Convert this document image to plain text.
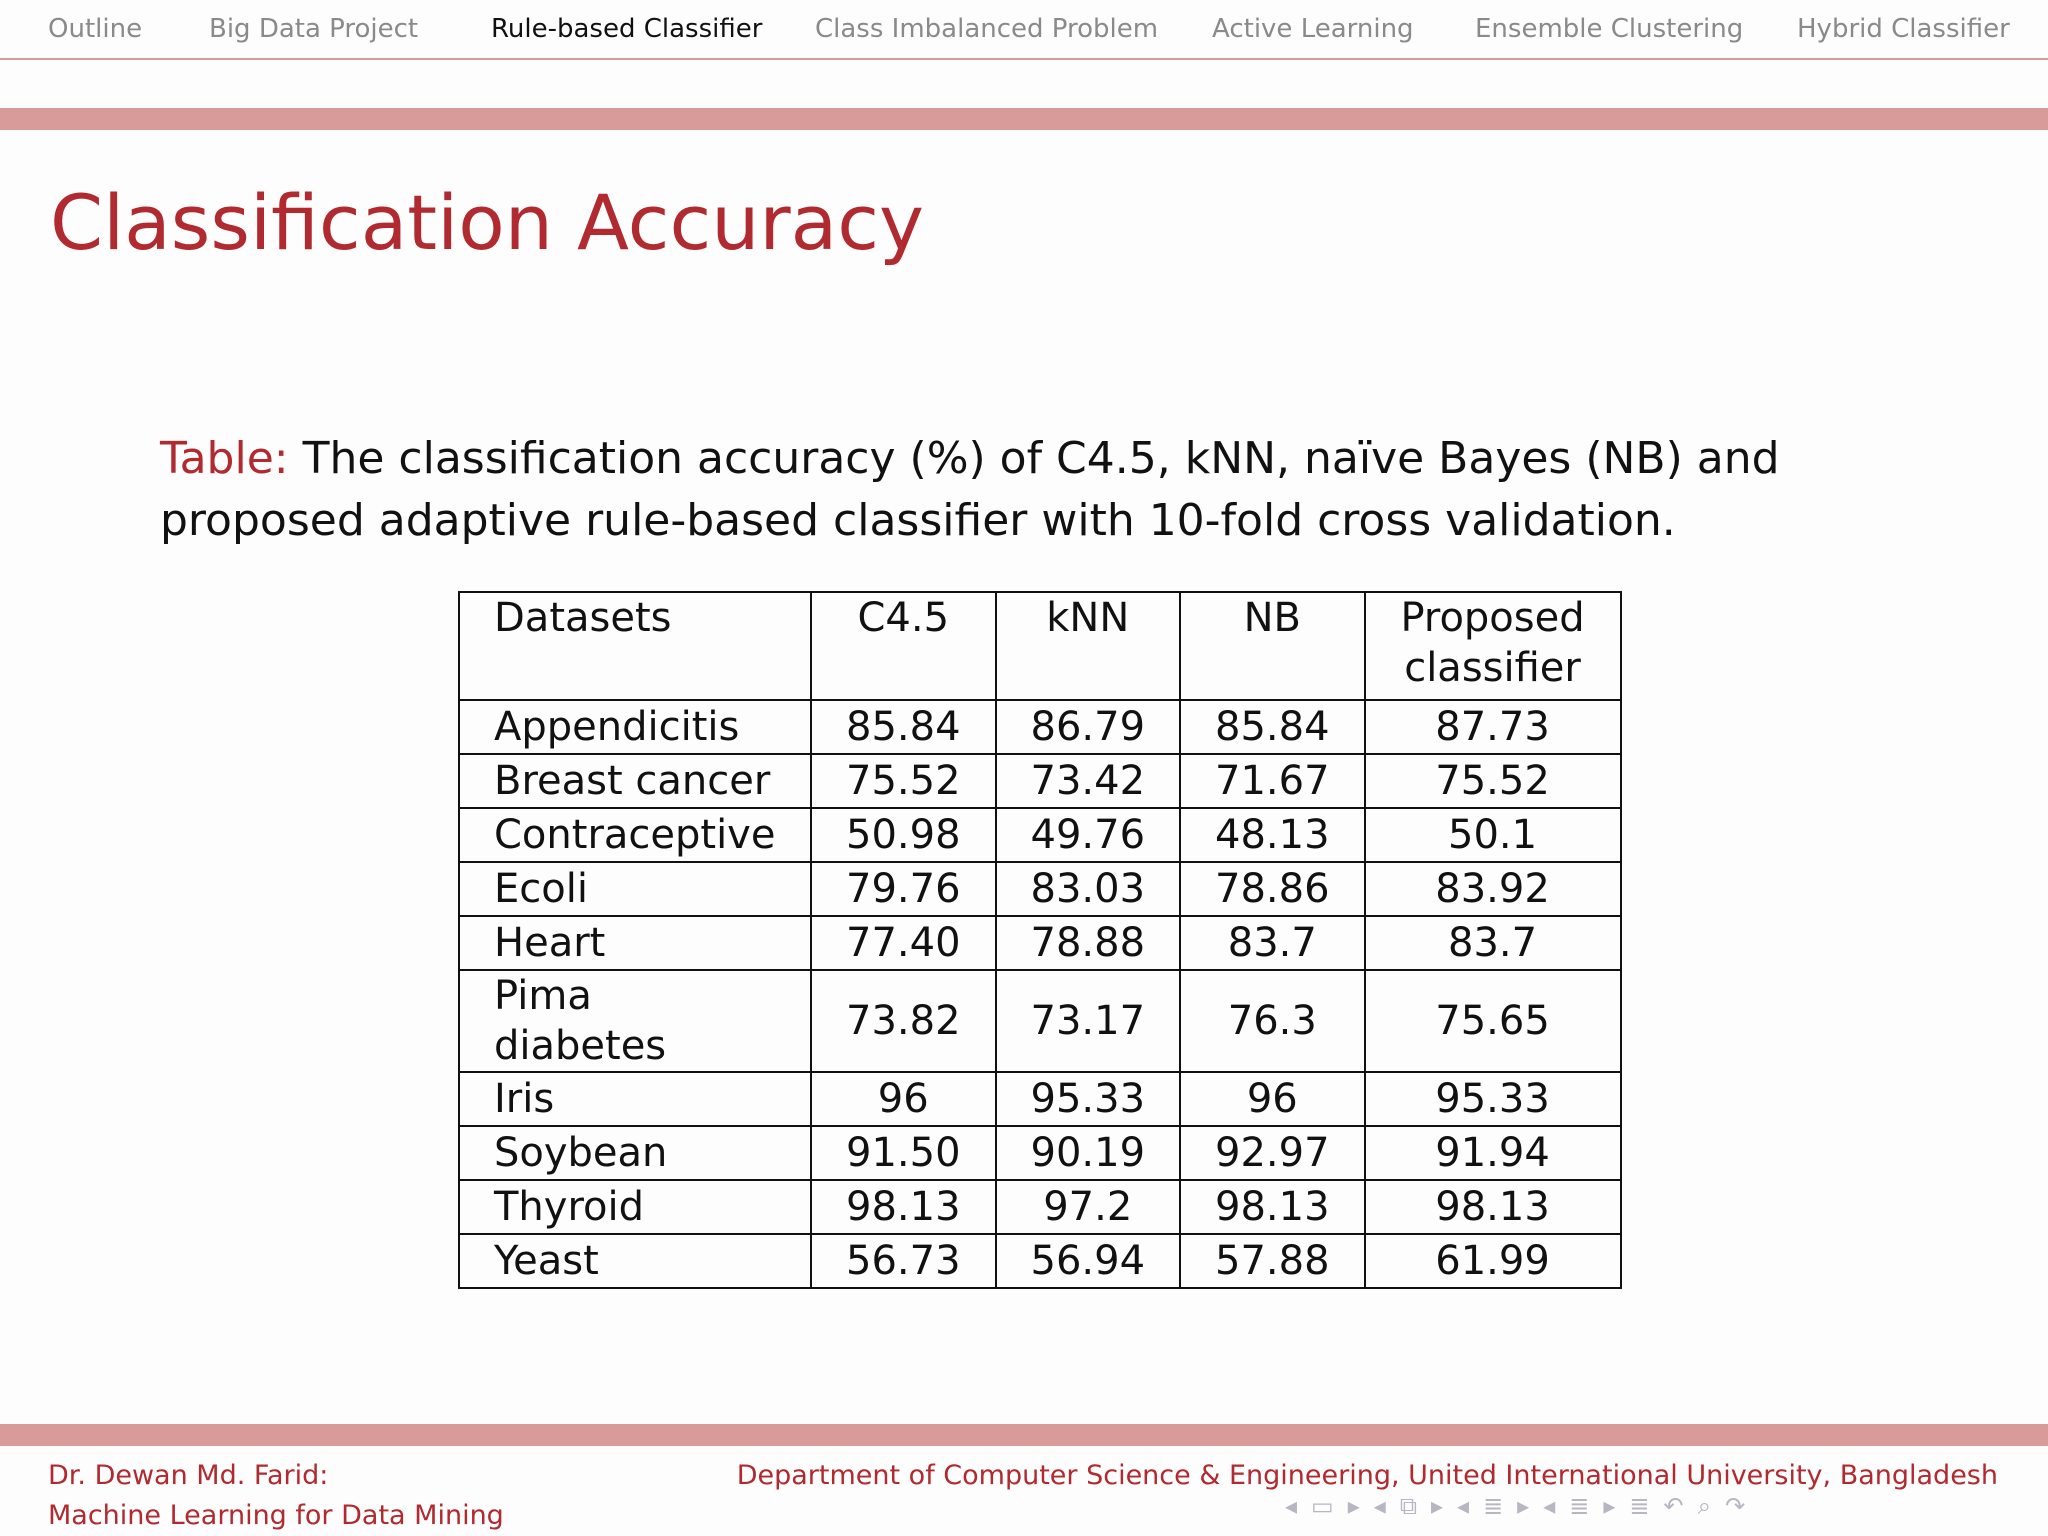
Outline	Big Data Project	Rule-based Classifier Class Imbalanced Problem Active Learning Ensemble Clustering Hybrid Classifier
Classification Accuracy
Table: The classification accuracy (%) of C4.5, kNN, naïve Bayes (NB) and proposed adaptive rule-based classifier with 10-fold cross validation.
Datasets	C4.5	kNN	NB	Proposed classifier
Appendicitis	85.84	86.79	85.84	87.73
Breast cancer	75.52	73.42	71.67	75.52
Contraceptive	50.98	49.76	48.13	50.1
Ecoli	79.76	83.03	78.86	83.92
Heart	77.40	78.88	83.7	83.7
Pima diabetes	73.82	73.17	76.3	75.65
Iris	96	95.33	96	95.33
Soybean	91.50	90.19	92.97	91.94
Thyroid	98.13	97.2	98.13	98.13
Yeast	56.73	56.94	57.88	61.99
Dr. Dewan Md. Farid:
Machine Learning for Data Mining
Department of Computer Science & Engineering, United International University, Bangladesh
◂ ▭ ▸ ◂ ⧉ ▸ ◂ ≣ ▸ ◂ ≣ ▸ ≣ ↶ ⌕ ↷
